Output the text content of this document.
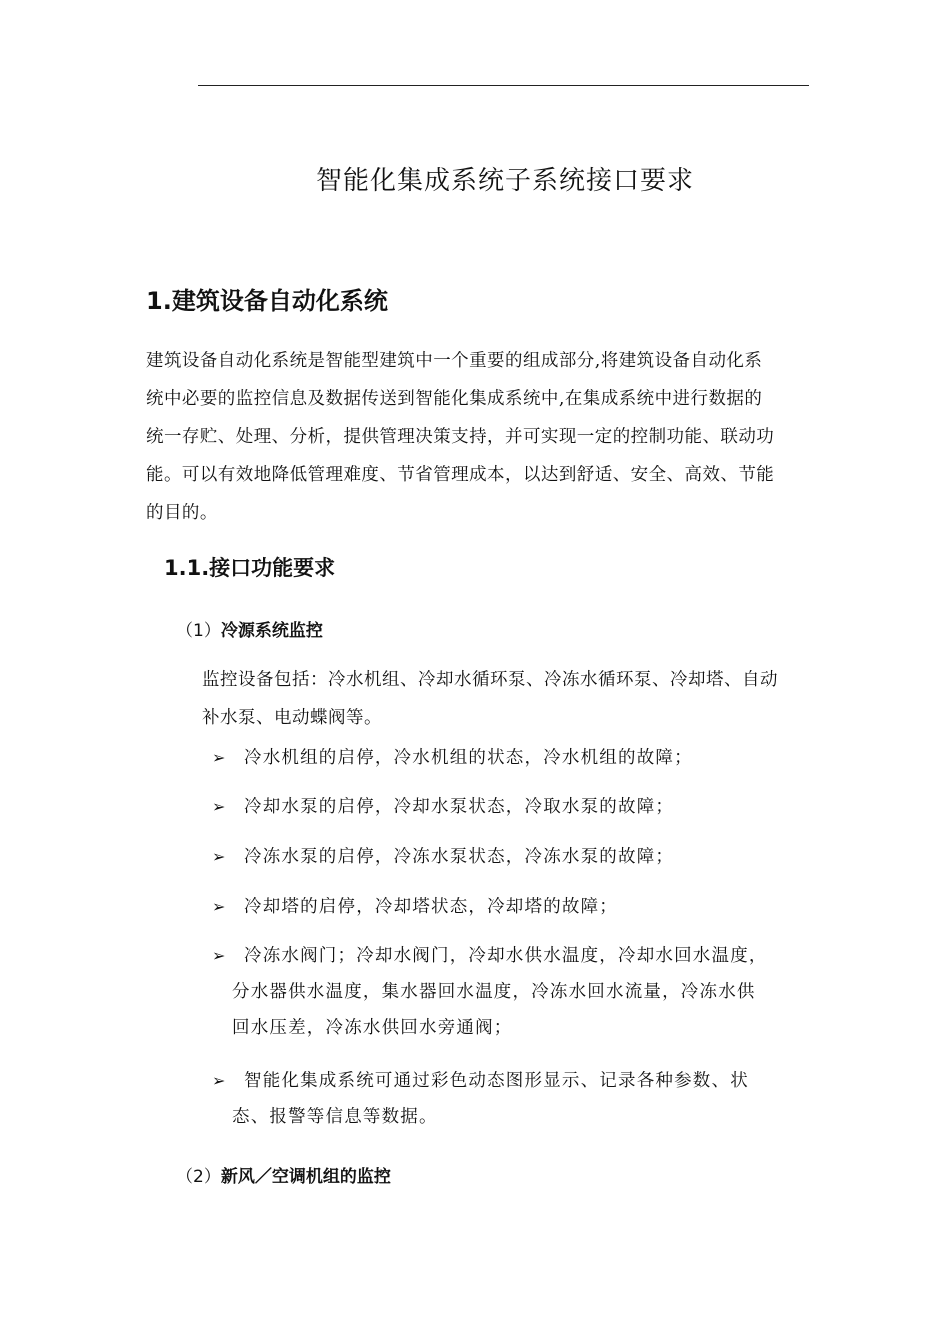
智能化集成系统子系统接口要求
1.建筑设备自动化系统
建筑设备自动化系统是智能型建筑中一个重要的组成部分,将建筑设备自动化系
统中必要的监控信息及数据传送到智能化集成系统中,在集成系统中进行数据的
统一存贮、处理、分析，提供管理决策支持，并可实现一定的控制功能、联动功
能。可以有效地降低管理难度、节省管理成本，以达到舒适、安全、高效、节能
的目的。
1.1.接口功能要求
（1）冷源系统监控
监控设备包括：冷水机组、冷却水循环泵、冷冻水循环泵、冷却塔、自动
补水泵、电动蝶阀等。
➢	冷水机组的启停，冷水机组的状态，冷水机组的故障；
➢	冷却水泵的启停，冷却水泵状态，冷取水泵的故障；
➢	冷冻水泵的启停，冷冻水泵状态，冷冻水泵的故障；
➢	冷却塔的启停，冷却塔状态，冷却塔的故障；
➢	冷冻水阀门；冷却水阀门，冷却水供水温度，冷却水回水温度，
分水器供水温度，集水器回水温度，冷冻水回水流量，冷冻水供
回水压差，冷冻水供回水旁通阀；
➢	智能化集成系统可通过彩色动态图形显示、记录各种参数、状
态、报警等信息等数据。
（2）新风／空调机组的监控
